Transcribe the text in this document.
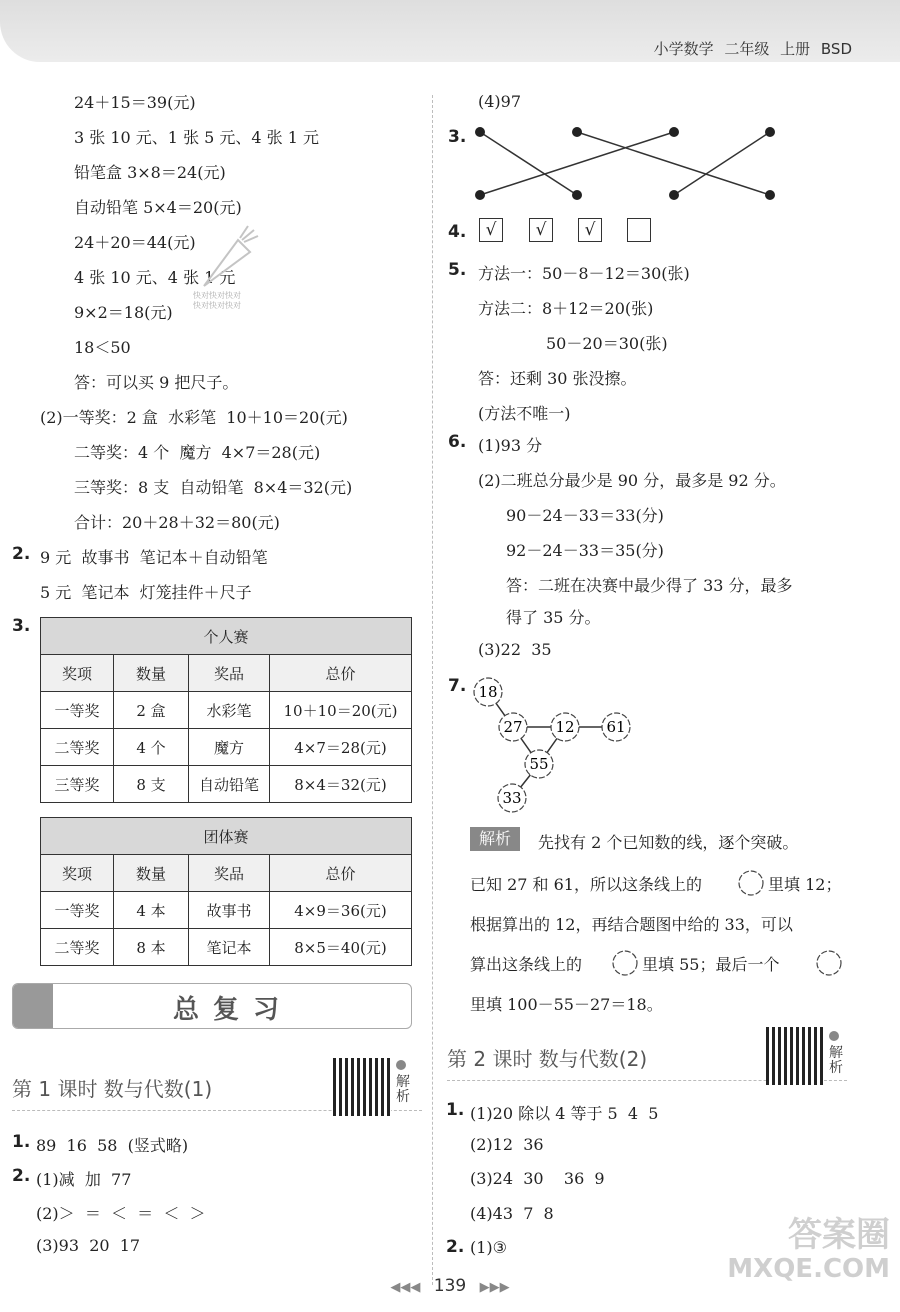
小学数学 二年级 上册 BSD
24＋15＝39(元)
3 张 10 元、1 张 5 元、4 张 1 元
铅笔盒 3×8＝24(元)
自动铅笔 5×4＝20(元)
24＋20＝44(元)
4 张 10 元、4 张 1 元
9×2＝18(元)
18＜50
答：可以买 9 把尺子。
(2)一等奖：2 盒  水彩笔  10＋10＝20(元)
二等奖：4 个  魔方  4×7＝28(元)
三等奖：8 支  自动铅笔  8×4＝32(元)
合计：20＋28＋32＝80(元)
快对快对快对
快对快对快对
2. 9 元  故事书  笔记本＋自动铅笔
5 元  笔记本  灯笼挂件＋尺子
3.
个人赛			
奖项	数量	奖品	总价
一等奖	2 盒	水彩笔	10＋10＝20(元)
二等奖	4 个	魔方	4×7＝28(元)
三等奖	8 支	自动铅笔	8×4＝32(元)
团体赛			
奖项	数量	奖品	总价
一等奖	4 本	故事书	4×9＝36(元)
二等奖	8 本	笔记本	8×5＝40(元)
总复习
第 1 课时 数与代数(1)	解析
1. 89  16  58  (竖式略)
2. (1)减  加  77
(2)＞  ＝  ＜  ＝  ＜  ＞
(3)93  20  17
(4)97
3.
4.	√	√	√
5. 方法一：50－8－12＝30(张)
方法二：8＋12＝20(张)
50－20＝30(张)
答：还剩 30 张没擦。
(方法不唯一)
6. (1)93 分
(2)二班总分最少是 90 分，最多是 92 分。
90－24－33＝33(分)
92－24－33＝35(分)
答：二班在决赛中最少得了 33 分，最多
得了 35 分。
(3)22  35
7. 18
27 12 61
55
33
解析	先找有 2 个已知数的线，逐个突破。
已知 27 和 61，所以这条线上的	里填 12；
根据算出的 12，再结合题图中给的 33，可以
算出这条线上的	里填 55；最后一个
里填 100－55－27＝18。
第 2 课时 数与代数(2)	解析
1. (1)20 除以 4 等于 5  4  5
(2)12  36
(3)24  30    36  9
(4)43  7  8
2. (1)③
◀◀◀ 139 ▶▶▶
答案圈
MXQE.COM
